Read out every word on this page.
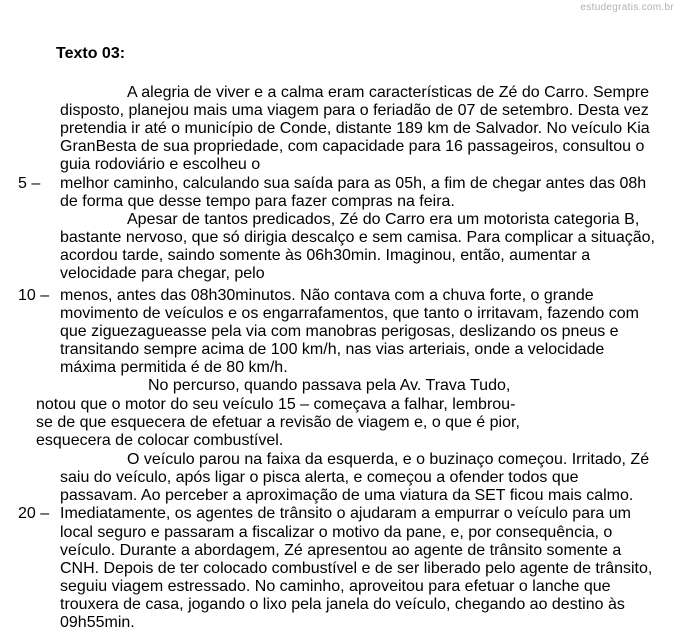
estudegratis.com.br
Texto 03:
5 –
10 –
20 –
A alegria de viver e a calma eram características de Zé do Carro. Sempre
disposto, planejou mais uma viagem para o feriadão de 07 de setembro. Desta vez
pretendia ir até o município de Conde, distante 189 km de Salvador. No veículo Kia
GranBesta de sua propriedade, com capacidade para 16 passageiros, consultou o
guia rodoviário e escolheu o
melhor caminho, calculando sua saída para as 05h, a fim de chegar antes das 08h
de forma que desse tempo para fazer compras na feira.
Apesar de tantos predicados, Zé do Carro era um motorista categoria B,
bastante nervoso, que só dirigia descalço e sem camisa. Para complicar a situação,
acordou tarde, saindo somente às 06h30min. Imaginou, então, aumentar a
velocidade para chegar, pelo
menos, antes das 08h30minutos. Não contava com a chuva forte, o grande
movimento de veículos e os engarrafamentos, que tanto o irritavam, fazendo com
que ziguezagueasse pela via com manobras perigosas, deslizando os pneus e
transitando sempre acima de 100 km/h, nas vias arteriais, onde a velocidade
máxima permitida é de 80 km/h.
No percurso, quando passava pela Av. Trava Tudo,
notou que o motor do seu veículo 15 – começava a falhar, lembrou-
se de que esquecera de efetuar a revisão de viagem e, o que é pior,
esquecera de colocar combustível.
O veículo parou na faixa da esquerda, e o buzinaço começou. Irritado, Zé
saiu do veículo, após ligar o pisca alerta, e começou a ofender todos que
passavam. Ao perceber a aproximação de uma viatura da SET ficou mais calmo.
Imediatamente, os agentes de trânsito o ajudaram a empurrar o veículo para um
local seguro e passaram a fiscalizar o motivo da pane, e, por consequência, o
veículo. Durante a abordagem, Zé apresentou ao agente de trânsito somente a
CNH. Depois de ter colocado combustível e de ser liberado pelo agente de trânsito,
seguiu viagem estressado. No caminho, aproveitou para efetuar o lanche que
trouxera de casa, jogando o lixo pela janela do veículo, chegando ao destino às
09h55min.
